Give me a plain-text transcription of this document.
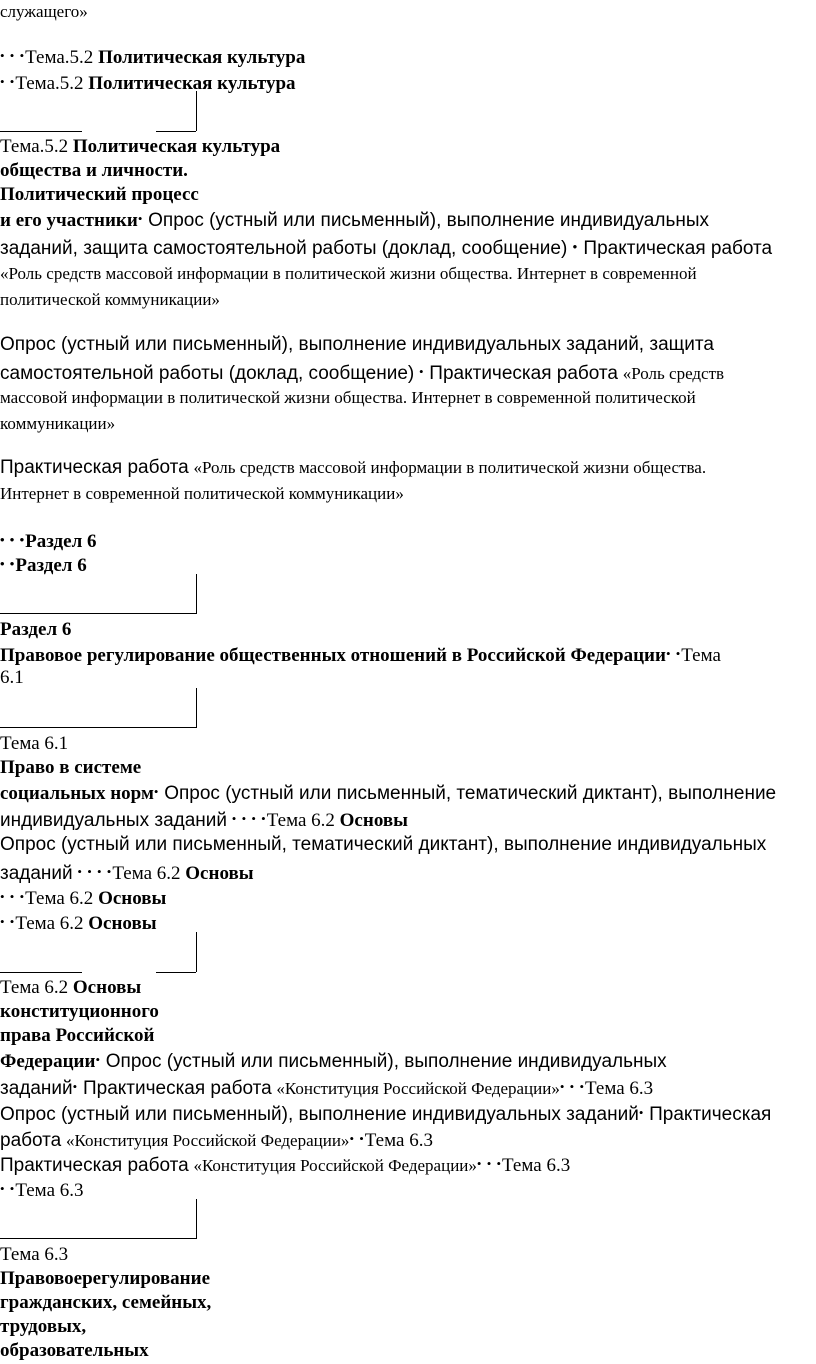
служащего»
• • •Тема.5.2 Политическая культура
• •Тема.5.2 Политическая культура
Тема.5.2 Политическая культура
общества и личности.
Политический процесс
и его участники• Опрос (устный или письменный), выполнение индивидуальных
заданий, защита самостоятельной работы (доклад, сообщение) • Практическая работа
«Роль средств массовой информации в политической жизни общества. Интернет в современной
политической коммуникации»
Опрос (устный или письменный), выполнение индивидуальных заданий, защита
самостоятельной работы (доклад, сообщение) • Практическая работа «Роль средств
массовой информации в политической жизни общества. Интернет в современной политической
коммуникации»
Практическая работа «Роль средств массовой информации в политической жизни общества.
Интернет в современной политической коммуникации»
• • •Раздел 6
• •Раздел 6
Раздел 6
Правовое регулирование общественных отношений в Российской Федерации• •Тема
6.1
Тема 6.1
Право в системе
социальных норм• Опрос (устный или письменный, тематический диктант), выполнение
индивидуальных заданий • • • •Тема 6.2 Основы
Опрос (устный или письменный, тематический диктант), выполнение индивидуальных
заданий • • • •Тема 6.2 Основы
• • •Тема 6.2 Основы
• •Тема 6.2 Основы
Тема 6.2 Основы
конституционного
права Российской
Федерации• Опрос (устный или письменный), выполнение индивидуальных
заданий• Практическая работа «Конституция Российской Федерации»• • •Тема 6.3
Опрос (устный или письменный), выполнение индивидуальных заданий• Практическая
работа «Конституция Российской Федерации»• •Тема 6.3
Практическая работа «Конституция Российской Федерации»• • •Тема 6.3
• •Тема 6.3
Тема 6.3
Правовоерегулирование
гражданских, семейных,
трудовых,
образовательных
